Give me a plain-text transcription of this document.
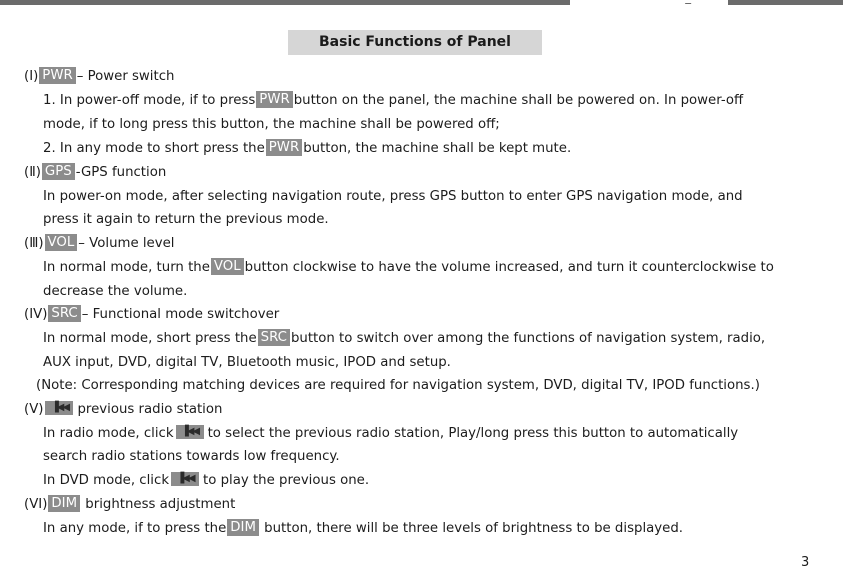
Basic Functions of Panel
(Ⅰ) PWR – Power switch
1. In power-off mode, if to press PWR button on the panel, the machine shall be powered on. In power-off
mode, if to long press this button, the machine shall be powered off;
2. In any mode to short press the PWR button, the machine shall be kept mute.
(Ⅱ) GPS -GPS function
In power-on mode, after selecting navigation route, press GPS button to enter GPS navigation mode, and
press it again to return the previous mode.
(Ⅲ) VOL – Volume level
In normal mode, turn the VOL button clockwise to have the volume increased, and turn it counterclockwise to
decrease the volume.
(IV) SRC – Functional mode switchover
In normal mode, short press the SRC button to switch over among the functions of navigation system, radio,
AUX input, DVD, digital TV, Bluetooth music, IPOD and setup.
(Note: Corresponding matching devices are required for navigation system, DVD, digital TV, IPOD functions.)
(V) ▐◀◀ previous radio station
In radio mode, click ▐◀◀ to select the previous radio station, Play/long press this button to automatically
search radio stations towards low frequency.
In DVD mode, click ▐◀◀ to play the previous one.
(VI) DIM brightness adjustment
In any mode, if to press the DIM button, there will be three levels of brightness to be displayed.
3
